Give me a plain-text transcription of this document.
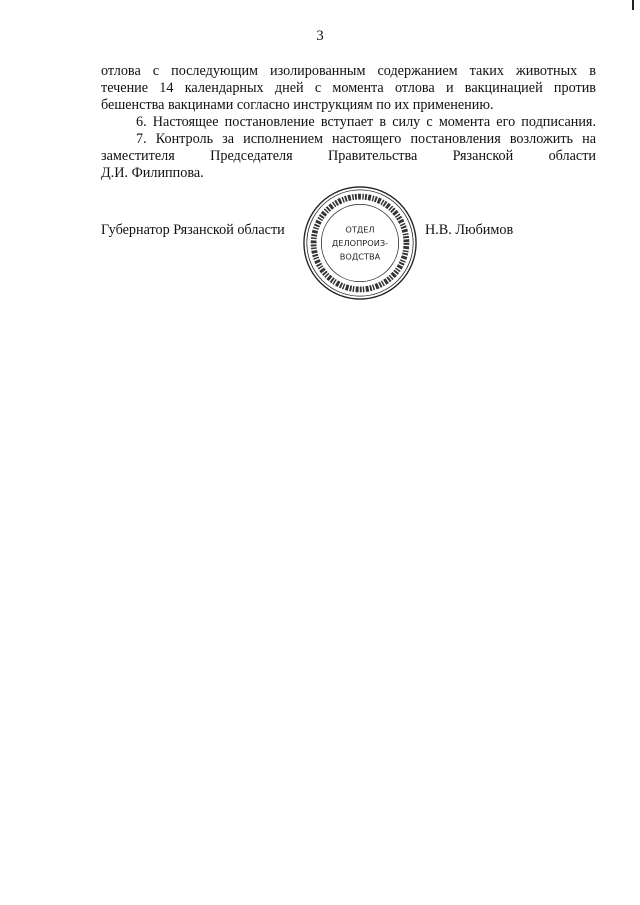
3
отлова с последующим изолированным содержанием таких животных в
течение 14 календарных дней с момента отлова и вакцинацией против
бешенства вакцинами согласно инструкциям по их применению.
6. Настоящее постановление вступает в силу с момента его подписания.
7. Контроль за исполнением настоящего постановления возложить на
заместителя Председателя Правительства Рязанской области
Д.И. Филиппова.
Губернатор Рязанской области	Н.В. Любимов
ОТДЕЛ
ДЕЛОПРОИЗ-
ВОДСТВА
